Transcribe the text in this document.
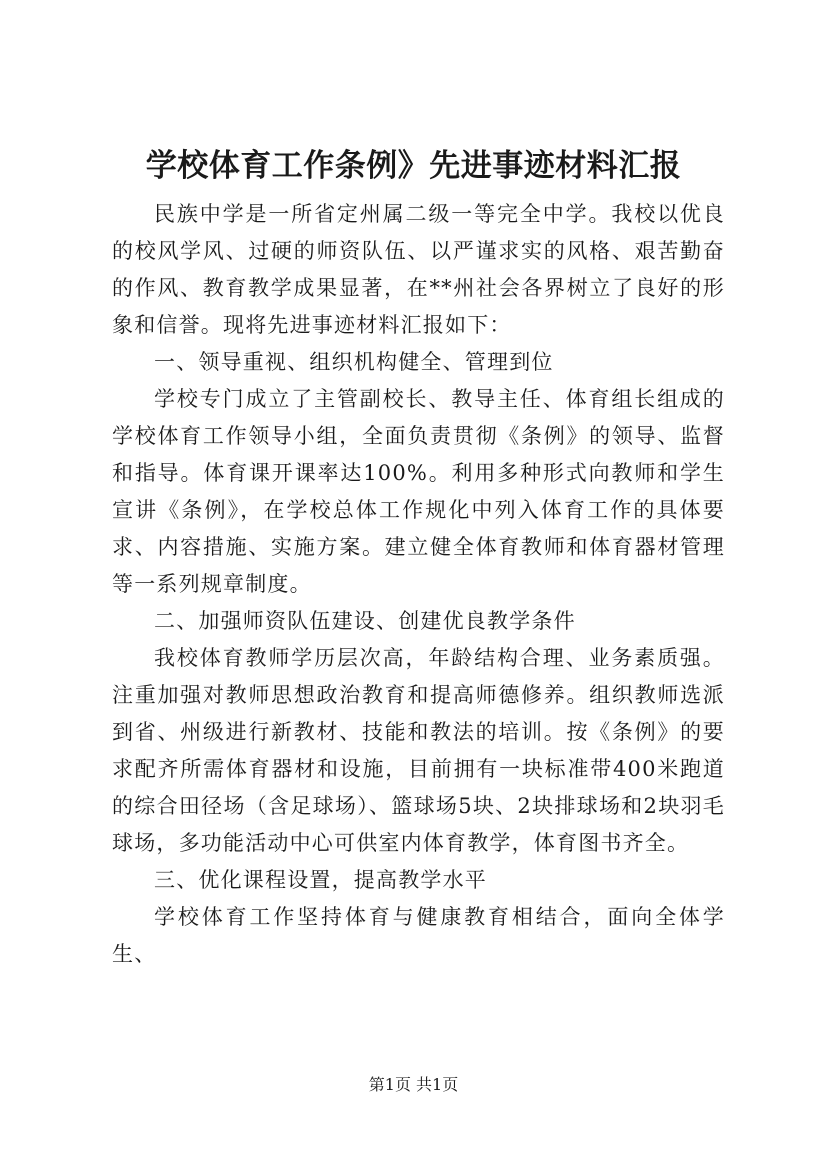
学校体育工作条例》先进事迹材料汇报

民族中学是一所省定州属二级一等完全中学。我校以优良的校风学风、过硬的师资队伍、以严谨求实的风格、艰苦勤奋的作风、教育教学成果显著，在**州社会各界树立了良好的形象和信誉。现将先进事迹材料汇报如下：

一、领导重视、组织机构健全、管理到位

学校专门成立了主管副校长、教导主任、体育组长组成的学校体育工作领导小组，全面负责贯彻《条例》的领导、监督和指导。体育课开课率达100%。利用多种形式向教师和学生宣讲《条例》，在学校总体工作规化中列入体育工作的具体要求、内容措施、实施方案。建立健全体育教师和体育器材管理等一系列规章制度。

二、加强师资队伍建设、创建优良教学条件

我校体育教师学历层次高，年龄结构合理、业务素质强。注重加强对教师思想政治教育和提高师德修养。组织教师选派到省、州级进行新教材、技能和教法的培训。按《条例》的要求配齐所需体育器材和设施，目前拥有一块标准带400米跑道的综合田径场（含足球场）、篮球场5块、2块排球场和2块羽毛球场，多功能活动中心可供室内体育教学，体育图书齐全。

三、优化课程设置，提高教学水平

学校体育工作坚持体育与健康教育相结合，面向全体学生、

第1页 共1页
